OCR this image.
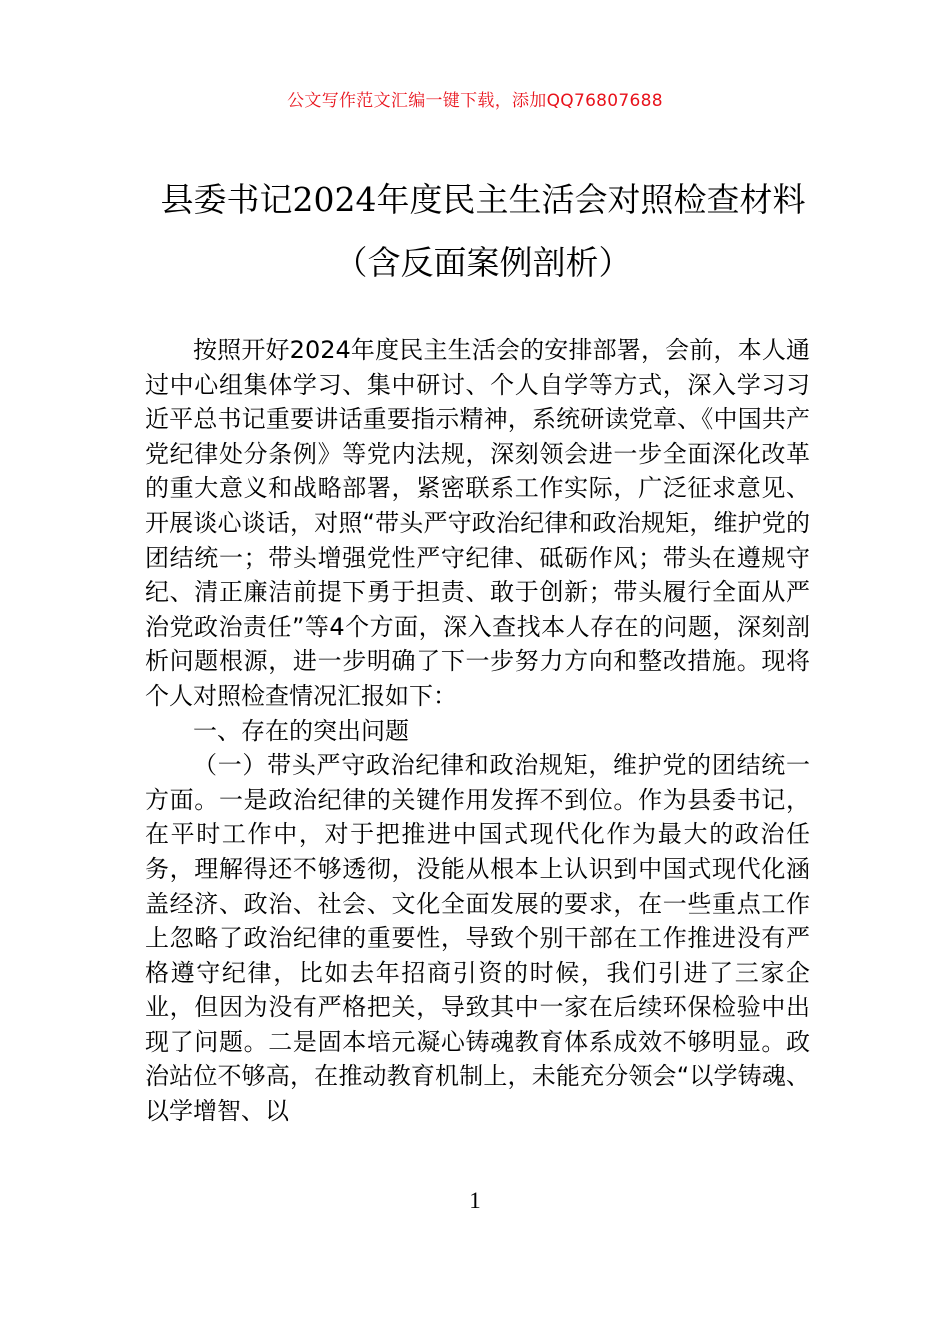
公文写作范文汇编一键下载，添加QQ76807688
县委书记2024年度民主生活会对照检查材料（含反面案例剖析）

按照开好2024年度民主生活会的安排部署，会前，本人通过中心组集体学习、集中研讨、个人自学等方式，深入学习习近平总书记重要讲话重要指示精神，系统研读党章、《中国共产党纪律处分条例》等党内法规，深刻领会进一步全面深化改革的重大意义和战略部署，紧密联系工作实际，广泛征求意见、开展谈心谈话，对照“带头严守政治纪律和政治规矩，维护党的团结统一；带头增强党性严守纪律、砥砺作风；带头在遵规守纪、清正廉洁前提下勇于担责、敢于创新；带头履行全面从严治党政治责任”等4个方面，深入查找本人存在的问题，深刻剖析问题根源，进一步明确了下一步努力方向和整改措施。现将个人对照检查情况汇报如下：

一、存在的突出问题

（一）带头严守政治纪律和政治规矩，维护党的团结统一方面。一是政治纪律的关键作用发挥不到位。作为县委书记，在平时工作中，对于把推进中国式现代化作为最大的政治任务，理解得还不够透彻，没能从根本上认识到中国式现代化涵盖经济、政治、社会、文化全面发展的要求，在一些重点工作上忽略了政治纪律的重要性，导致个别干部在工作推进没有严格遵守纪律，比如去年招商引资的时候，我们引进了三家企业，但因为没有严格把关，导致其中一家在后续环保检验中出现了问题。二是固本培元凝心铸魂教育体系成效不够明显。政治站位不够高，在推动教育机制上，未能充分领会“以学铸魂、以学增智、以

1
